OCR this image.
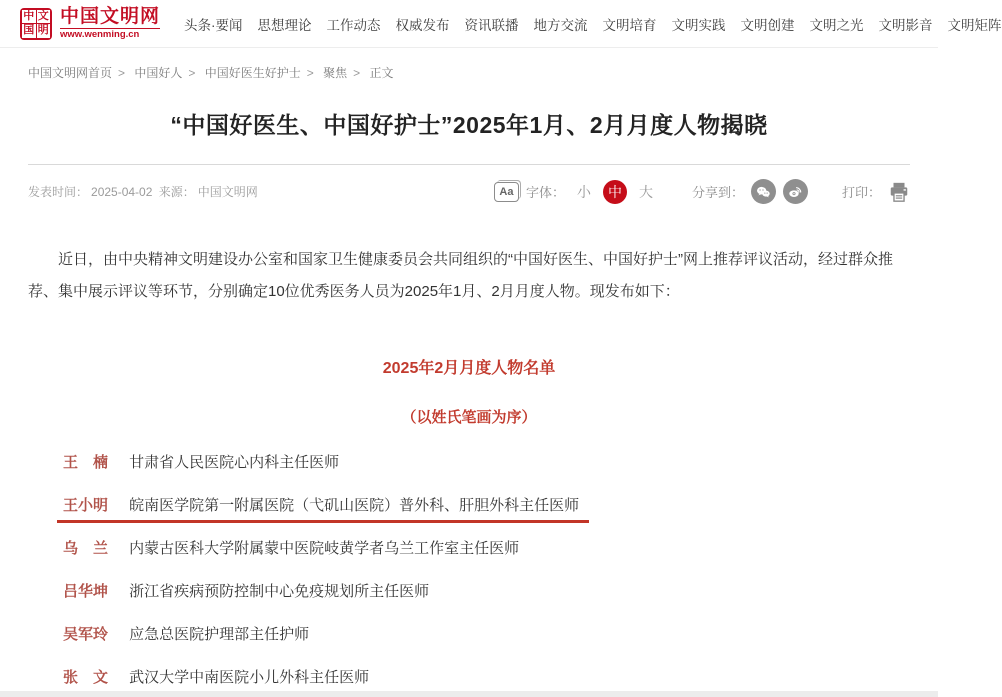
中 文
国 明
中国文明网
www.wenming.cn
头条·要闻 思想理论 工作动态 权威发布 资讯联播 地方交流 文明培育 文明实践 文明创建 文明之光 文明影音 文明矩阵
中国文明网首页 > 中国好人 > 中国好医生好护士 > 聚焦 > 正文
“中国好医生、中国好护士”2025年1月、2月月度人物揭晓
发表时间： 2025-04-02 来源： 中国文明网	Aa 字体： 小	中	大	分享到：	打印：

近日，由中央精神文明建设办公室和国家卫生健康委员会共同组织的“中国好医生、中国好护士”网上推荐评议活动，经过群众推荐、集中展示评议等环节，分别确定10位优秀医务人员为2025年1月、2月月度人物。现发布如下：

2025年2月月度人物名单
（以姓氏笔画为序）
王　楠 甘肃省人民医院心内科主任医师
王小明 皖南医学院第一附属医院（弋矶山医院）普外科、肝胆外科主任医师
乌　兰 内蒙古医科大学附属蒙中医院岐黄学者乌兰工作室主任医师
吕华坤 浙江省疾病预防控制中心免疫规划所主任医师
吴军玲 应急总医院护理部主任护师
张　文 武汉大学中南医院小儿外科主任医师
